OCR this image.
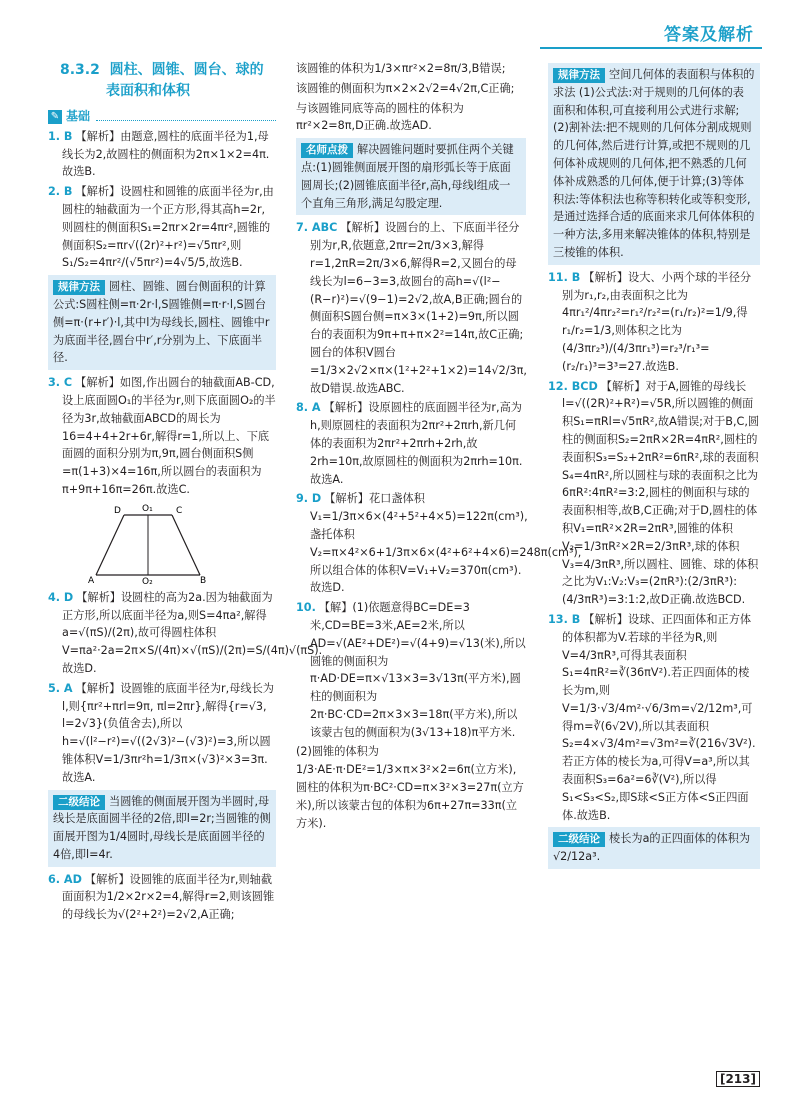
答案及解析
8.3.2 圆柱、圆锥、圆台、球的
表面积和体积
✎ 基础
1. B 【解析】由题意,圆柱的底面半径为1,母线长为2,故圆柱的侧面积为2π×1×2=4π.故选B.
2. B 【解析】设圆柱和圆锥的底面半径为r,由圆柱的轴截面为一个正方形,得其高h=2r,则圆柱的侧面积S₁=2πr×2r=4πr²,圆锥的侧面积S₂=πr√((2r)²+r²)=√5πr²,则S₁/S₂=4πr²/(√5πr²)=4√5/5,故选B.
规律方法 圆柱、圆锥、圆台侧面积的计算公式:S圆柱侧=π·2r·l,S圆锥侧=π·r·l,S圆台侧=π·(r+r′)·l,其中l为母线长,圆柱、圆锥中r为底面半径,圆台中r′,r分别为上、下底面半径.
3. C 【解析】如图,作出圆台的轴截面AB-CD,设上底面圆O₁的半径为r,则下底面圆O₂的半径为3r,故轴截面ABCD的周长为16=4+4+2r+6r,解得r=1,所以上、下底面圆的面积分别为π,9π,圆台侧面积S侧=π(1+3)×4=16π,所以圆台的表面积为π+9π+16π=26π.故选C.
O₁	C
D
A	B
O₂
4. D 【解析】设圆柱的高为2a.因为轴截面为正方形,所以底面半径为a,则S=4πa²,解得a=√(πS)/(2π),故可得圆柱体积V=πa²·2a=2π×S/(4π)×√(πS)/(2π)=S/(4π)√(πS).故选D.
5. A 【解析】设圆锥的底面半径为r,母线长为l,则{πr²+πrl=9π, πl=2πr},解得{r=√3, l=2√3}(负值舍去),所以h=√(l²−r²)=√((2√3)²−(√3)²)=3,所以圆锥体积V=1/3πr²h=1/3π×(√3)²×3=3π.故选A.
二级结论 当圆锥的侧面展开图为半圆时,母线长是底面圆半径的2倍,即l=2r;当圆锥的侧面展开图为1/4圆时,母线长是底面圆半径的4倍,即l=4r.
6. AD 【解析】设圆锥的底面半径为r,则轴截面面积为1/2×2r×2=4,解得r=2,则该圆锥的母线长为√(2²+2²)=2√2,A正确;
该圆锥的体积为1/3×πr²×2=8π/3,B错误;
该圆锥的侧面积为π×2×2√2=4√2π,C正确;
与该圆锥同底等高的圆柱的体积为πr²×2=8π,D正确.故选AD.
名师点拨 解决圆锥问题时要抓住两个关键点:(1)圆锥侧面展开图的扇形弧长等于底面圆周长;(2)圆锥底面半径r,高h,母线l组成一个直角三角形,满足勾股定理.
7. ABC 【解析】设圆台的上、下底面半径分别为r,R,依题意,2πr=2π/3×3,解得r=1,2πR=2π/3×6,解得R=2,又圆台的母线长为l=6−3=3,故圆台的高h=√(l²−(R−r)²)=√(9−1)=2√2,故A,B正确;圆台的侧面积S圆台侧=π×3×(1+2)=9π,所以圆台的表面积为9π+π+π×2²=14π,故C正确;圆台的体积V圆台=1/3×2√2×π×(1²+2²+1×2)=14√2/3π,故D错误.故选ABC.
8. A 【解析】设原圆柱的底面圆半径为r,高为h,则原圆柱的表面积为2πr²+2πrh,新几何体的表面积为2πr²+2πrh+2rh,故2rh=10π,故原圆柱的侧面积为2πrh=10π.故选A.
9. D 【解析】花口盏体积V₁=1/3π×6×(4²+5²+4×5)=122π(cm³),盏托体积V₂=π×4²×6+1/3π×6×(4²+6²+4×6)=248π(cm³),所以组合体的体积V=V₁+V₂=370π(cm³).故选D.
10. 【解】(1)依题意得BC=DE=3米,CD=BE=3米,AE=2米,所以AD=√(AE²+DE²)=√(4+9)=√13(米),所以圆锥的侧面积为π·AD·DE=π×√13×3=3√13π(平方米),圆柱的侧面积为2π·BC·CD=2π×3×3=18π(平方米),所以该蒙古包的侧面积为(3√13+18)π平方米.
(2)圆锥的体积为1/3·AE·π·DE²=1/3×π×3²×2=6π(立方米),圆柱的体积为π·BC²·CD=π×3²×3=27π(立方米),所以该蒙古包的体积为6π+27π=33π(立方米).
规律方法 空间几何体的表面积与体积的求法 (1)公式法:对于规则的几何体的表面积和体积,可直接利用公式进行求解;(2)割补法:把不规则的几何体分割成规则的几何体,然后进行计算,或把不规则的几何体补成规则的几何体,把不熟悉的几何体补成熟悉的几何体,便于计算;(3)等体积法:等体积法也称等积转化或等积变形,是通过选择合适的底面来求几何体体积的一种方法,多用来解决锥体的体积,特别是三棱锥的体积.
11. B 【解析】设大、小两个球的半径分别为r₁,r₂,由表面积之比为4πr₁²/4πr₂²=r₁²/r₂²=(r₁/r₂)²=1/9,得r₁/r₂=1/3,则体积之比为(4/3πr₂³)/(4/3πr₁³)=r₂³/r₁³=(r₂/r₁)³=3³=27.故选B.
12. BCD 【解析】对于A,圆锥的母线长l=√((2R)²+R²)=√5R,所以圆锥的侧面积S₁=πRl=√5πR²,故A错误;对于B,C,圆柱的侧面积S₂=2πR×2R=4πR²,圆柱的表面积S₃=S₂+2πR²=6πR²,球的表面积S₄=4πR²,所以圆柱与球的表面积之比为6πR²:4πR²=3:2,圆柱的侧面积与球的表面积相等,故B,C正确;对于D,圆柱的体积V₁=πR²×2R=2πR³,圆锥的体积V₂=1/3πR²×2R=2/3πR³,球的体积V₃=4/3πR³,所以圆柱、圆锥、球的体积之比为V₁:V₂:V₃=(2πR³):(2/3πR³):(4/3πR³)=3:1:2,故D正确.故选BCD.
13. B 【解析】设球、正四面体和正方体的体积都为V.若球的半径为R,则V=4/3πR³,可得其表面积S₁=4πR²=∛(36πV²).若正四面体的棱长为m,则V=1/3·√3/4m²·√6/3m=√2/12m³,可得m=∛(6√2V),所以其表面积S₂=4×√3/4m²=√3m²=∛(216√3V²).若正方体的棱长为a,可得V=a³,所以其表面积S₃=6a²=6∛(V²),所以得S₁<S₃<S₂,即S球<S正方体<S正四面体.故选B.
二级结论 棱长为a的正四面体的体积为√2/12a³.
[213]
